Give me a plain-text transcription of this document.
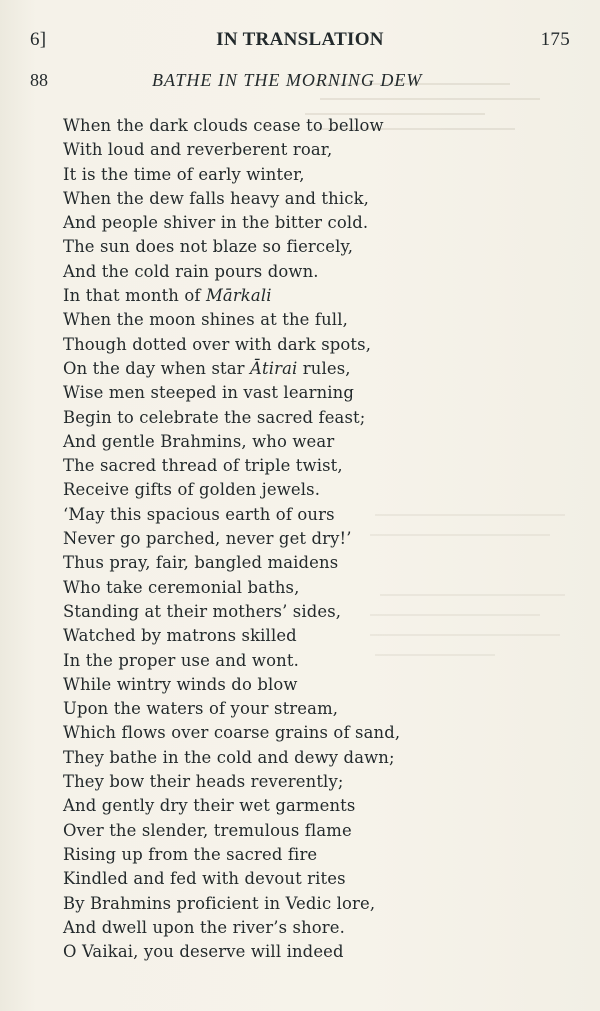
6]	IN TRANSLATION	175
88	BATHE IN THE MORNING DEW
When the dark clouds cease to bellow
With loud and reverberent roar,
It is the time of early winter,
When the dew falls heavy and thick,
And people shiver in the bitter cold.
The sun does not blaze so fiercely,
And the cold rain pours down.
In that month of Mārkali
When the moon shines at the full,
Though dotted over with dark spots,
On the day when star Ātirai rules,
Wise men steeped in vast learning
Begin to celebrate the sacred feast;
And gentle Brahmins, who wear
The sacred thread of triple twist,
Receive gifts of golden jewels.
‘May this spacious earth of ours
Never go parched, never get dry!’
Thus pray, fair, bangled maidens
Who take ceremonial baths,
Standing at their mothers’ sides,
Watched by matrons skilled
In the proper use and wont.
While wintry winds do blow
Upon the waters of your stream,
Which flows over coarse grains of sand,
They bathe in the cold and dewy dawn;
They bow their heads reverently;
And gently dry their wet garments
Over the slender, tremulous flame
Rising up from the sacred fire
Kindled and fed with devout rites
By Brahmins proficient in Vedic lore,
And dwell upon the river’s shore.
O Vaikai, you deserve will indeed
